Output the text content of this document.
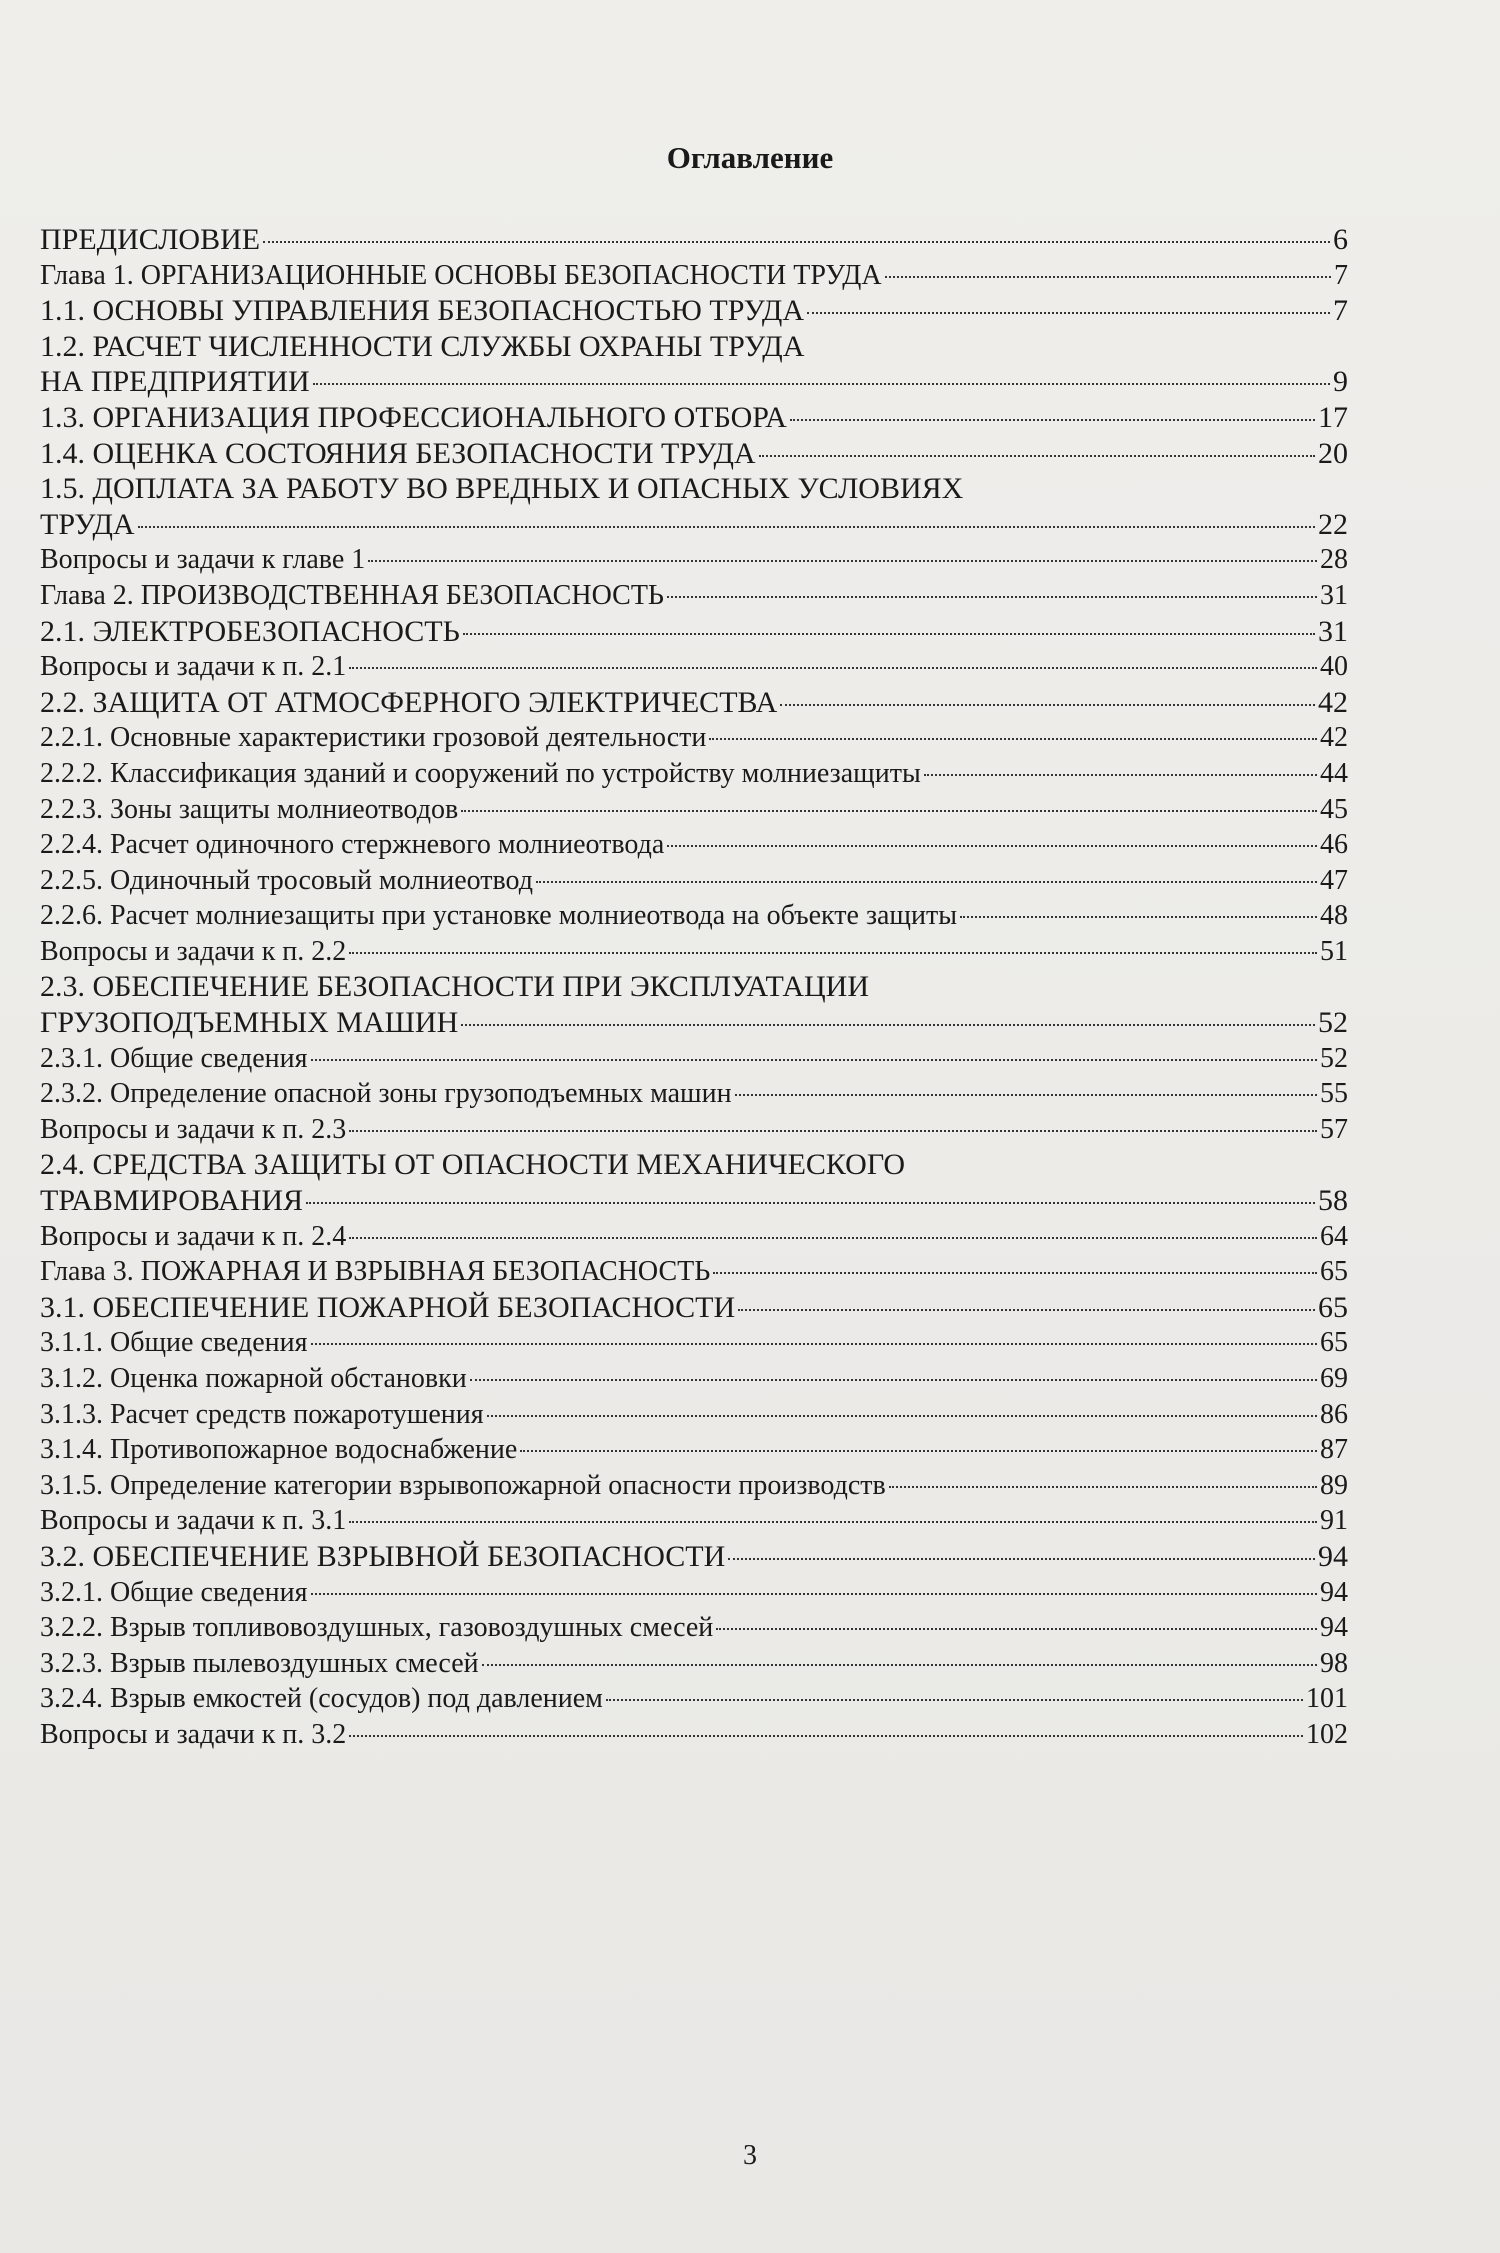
Оглавление
ПРЕДИСЛОВИЕ	6
Глава 1. ОРГАНИЗАЦИОННЫЕ ОСНОВЫ БЕЗОПАСНОСТИ ТРУДА	7
1.1. ОСНОВЫ УПРАВЛЕНИЯ БЕЗОПАСНОСТЬЮ ТРУДА	7
1.2. РАСЧЕТ ЧИСЛЕННОСТИ СЛУЖБЫ ОХРАНЫ ТРУДА
НА ПРЕДПРИЯТИИ	9
1.3. ОРГАНИЗАЦИЯ ПРОФЕССИОНАЛЬНОГО ОТБОРА	17
1.4. ОЦЕНКА СОСТОЯНИЯ БЕЗОПАСНОСТИ ТРУДА	20
1.5. ДОПЛАТА ЗА РАБОТУ ВО ВРЕДНЫХ И ОПАСНЫХ УСЛОВИЯХ
ТРУДА	22
Вопросы и задачи к главе 1	28
Глава 2. ПРОИЗВОДСТВЕННАЯ БЕЗОПАСНОСТЬ	31
2.1. ЭЛЕКТРОБЕЗОПАСНОСТЬ	31
Вопросы и задачи к п. 2.1	40
2.2. ЗАЩИТА ОТ АТМОСФЕРНОГО ЭЛЕКТРИЧЕСТВА	42
2.2.1. Основные характеристики грозовой деятельности	42
2.2.2. Классификация зданий и сооружений по устройству молниезащиты	44
2.2.3. Зоны защиты молниеотводов	45
2.2.4. Расчет одиночного стержневого молниеотвода	46
2.2.5. Одиночный тросовый молниеотвод	47
2.2.6. Расчет молниезащиты при установке молниеотвода на объекте защиты	48
Вопросы и задачи к п. 2.2	51
2.3. ОБЕСПЕЧЕНИЕ БЕЗОПАСНОСТИ ПРИ ЭКСПЛУАТАЦИИ
ГРУЗОПОДЪЕМНЫХ МАШИН	52
2.3.1. Общие сведения	52
2.3.2. Определение опасной зоны грузоподъемных машин	55
Вопросы и задачи к п. 2.3	57
2.4. СРЕДСТВА ЗАЩИТЫ ОТ ОПАСНОСТИ МЕХАНИЧЕСКОГО
ТРАВМИРОВАНИЯ	58
Вопросы и задачи к п. 2.4	64
Глава 3. ПОЖАРНАЯ И ВЗРЫВНАЯ БЕЗОПАСНОСТЬ	65
3.1. ОБЕСПЕЧЕНИЕ ПОЖАРНОЙ БЕЗОПАСНОСТИ	65
3.1.1. Общие сведения	65
3.1.2. Оценка пожарной обстановки	69
3.1.3. Расчет средств пожаротушения	86
3.1.4. Противопожарное водоснабжение	87
3.1.5. Определение категории взрывопожарной опасности производств	89
Вопросы и задачи к п. 3.1	91
3.2. ОБЕСПЕЧЕНИЕ ВЗРЫВНОЙ БЕЗОПАСНОСТИ	94
3.2.1. Общие сведения	94
3.2.2. Взрыв топливовоздушных, газовоздушных смесей	94
3.2.3. Взрыв пылевоздушных смесей	98
3.2.4. Взрыв емкостей (сосудов) под давлением	101
Вопросы и задачи к п. 3.2	102
3
